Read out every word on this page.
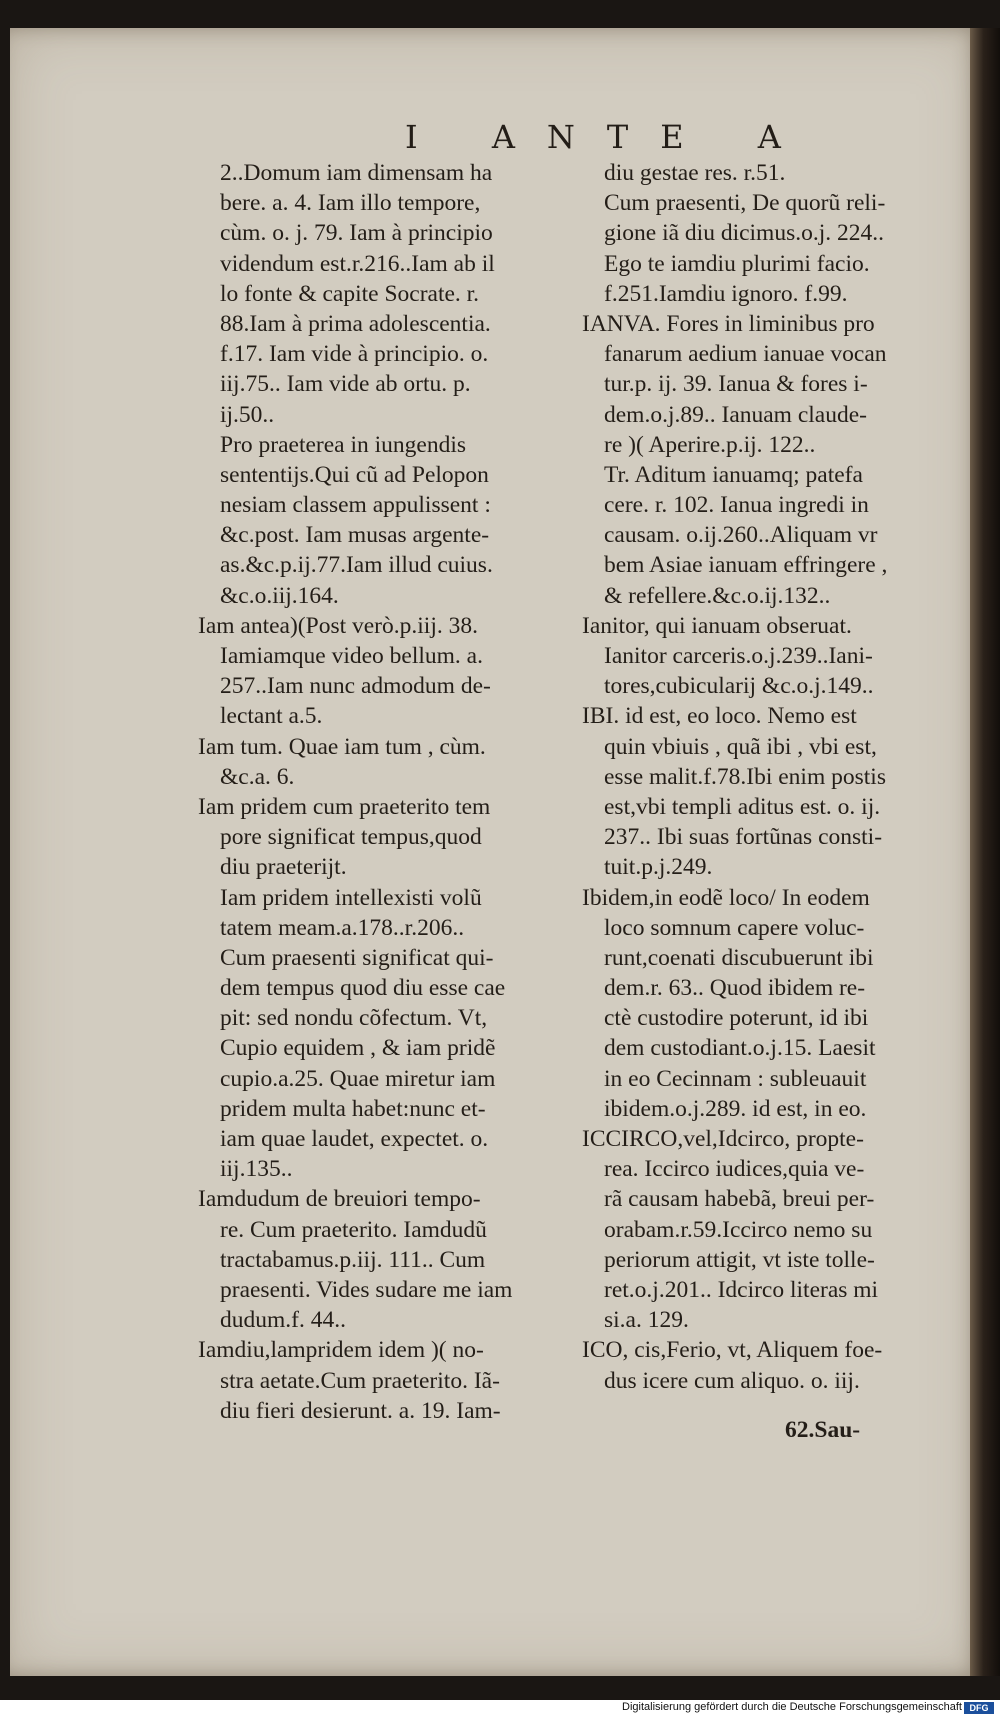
I ANTE A
2..Domum iam dimensam ha
bere. a. 4. Iam illo tempore,
cùm. o. j. 79. Iam à principio
videndum est.r.216..Iam ab il
lo fonte & capite Socrate. r.
88.Iam à prima adolescentia.
f.17. Iam vide à principio. o.
iij.75.. Iam vide ab ortu. p.
ij.50..
Pro praeterea in iungendis
sententijs.Qui cũ ad Pelopon
nesiam classem appulissent :
&c.post. Iam musas argente-
as.&c.p.ij.77.Iam illud cuius.
&c.o.iij.164.
Iam antea)(Post verò.p.iij. 38.
Iamiamque video bellum. a.
257..Iam nunc admodum de-
lectant a.5.
Iam tum. Quae iam tum , cùm.
&c.a. 6.
Iam pridem cum praeterito tem
pore significat tempus,quod
diu praeterijt.
Iam pridem intellexisti volũ
tatem meam.a.178..r.206..
Cum praesenti significat qui-
dem tempus quod diu esse cae
pit: sed nondu cõfectum. Vt,
Cupio equidem , & iam pridẽ
cupio.a.25. Quae miretur iam
pridem multa habet:nunc et-
iam quae laudet, expectet. o.
iij.135..
Iamdudum de breuiori tempo-
re. Cum praeterito. Iamdudũ
tractabamus.p.iij. 111.. Cum
praesenti. Vides sudare me iam
dudum.f. 44..
Iamdiu,lampridem idem )( no-
stra aetate.Cum praeterito. Iã-
diu fieri desierunt. a. 19. Iam-
diu gestae res. r.51.
Cum praesenti, De quorũ reli-
gione iã diu dicimus.o.j. 224..
Ego te iamdiu plurimi facio.
f.251.Iamdiu ignoro. f.99.
IANVA. Fores in liminibus pro
fanarum aedium ianuae vocan
tur.p. ij. 39. Ianua & fores i-
dem.o.j.89.. Ianuam claude-
re )( Aperire.p.ij. 122..
Tr. Aditum ianuamq; patefa
cere. r. 102. Ianua ingredi in
causam. o.ij.260..Aliquam vr
bem Asiae ianuam effringere ,
& refellere.&c.o.ij.132..
Ianitor, qui ianuam obseruat.
Ianitor carceris.o.j.239..Iani-
tores,cubicularij &c.o.j.149..
IBI. id est, eo loco. Nemo est
quin vbiuis , quã ibi , vbi est,
esse malit.f.78.Ibi enim postis
est,vbi templi aditus est. o. ij.
237.. Ibi suas fortũnas consti-
tuit.p.j.249.
Ibidem,in eodẽ loco/ In eodem
loco somnum capere voluc-
runt,coenati discubuerunt ibi
dem.r. 63.. Quod ibidem re-
ctè custodire poterunt, id ibi
dem custodiant.o.j.15. Laesit
in eo Cecinnam : subleuauit
ibidem.o.j.289. id est, in eo.
ICCIRCO,vel,Idcirco, propte-
rea. Iccirco iudices,quia ve-
rã causam habebã, breui per-
orabam.r.59.Iccirco nemo su
periorum attigit, vt iste tolle-
ret.o.j.201.. Idcirco literas mi
si.a. 129.
ICO, cis,Ferio, vt, Aliquem foe-
dus icere cum aliquo. o. iij.
62.Sau-
Digitalisierung gefördert durch die Deutsche Forschungsgemeinschaft DFG
